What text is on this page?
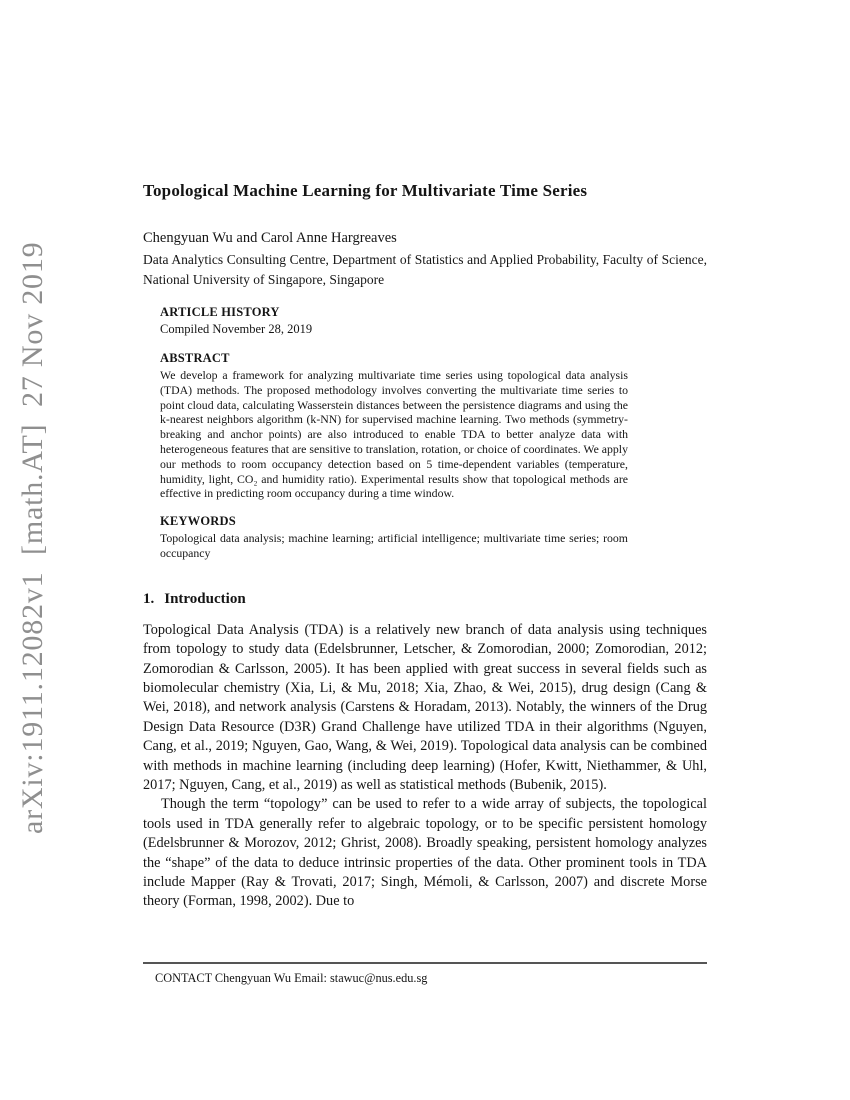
arXiv:1911.12082v1  [math.AT]  27 Nov 2019
Topological Machine Learning for Multivariate Time Series
Chengyuan Wu and Carol Anne Hargreaves
Data Analytics Consulting Centre, Department of Statistics and Applied Probability, Faculty of Science, National University of Singapore, Singapore
ARTICLE HISTORY
Compiled November 28, 2019
ABSTRACT
We develop a framework for analyzing multivariate time series using topological data analysis (TDA) methods. The proposed methodology involves converting the multivariate time series to point cloud data, calculating Wasserstein distances between the persistence diagrams and using the k-nearest neighbors algorithm (k-NN) for supervised machine learning. Two methods (symmetry-breaking and anchor points) are also introduced to enable TDA to better analyze data with heterogeneous features that are sensitive to translation, rotation, or choice of coordinates. We apply our methods to room occupancy detection based on 5 time-dependent variables (temperature, humidity, light, CO₂ and humidity ratio). Experimental results show that topological methods are effective in predicting room occupancy during a time window.
KEYWORDS
Topological data analysis; machine learning; artificial intelligence; multivariate time series; room occupancy
1. Introduction

Topological Data Analysis (TDA) is a relatively new branch of data analysis using techniques from topology to study data (Edelsbrunner, Letscher, & Zomorodian, 2000; Zomorodian, 2012; Zomorodian & Carlsson, 2005). It has been applied with great success in several fields such as biomolecular chemistry (Xia, Li, & Mu, 2018; Xia, Zhao, & Wei, 2015), drug design (Cang & Wei, 2018), and network analysis (Carstens & Horadam, 2013). Notably, the winners of the Drug Design Data Resource (D3R) Grand Challenge have utilized TDA in their algorithms (Nguyen, Cang, et al., 2019; Nguyen, Gao, Wang, & Wei, 2019). Topological data analysis can be combined with methods in machine learning (including deep learning) (Hofer, Kwitt, Niethammer, & Uhl, 2017; Nguyen, Cang, et al., 2019) as well as statistical methods (Bubenik, 2015).

Though the term “topology” can be used to refer to a wide array of subjects, the topological tools used in TDA generally refer to algebraic topology, or to be specific persistent homology (Edelsbrunner & Morozov, 2012; Ghrist, 2008). Broadly speaking, persistent homology analyzes the “shape” of the data to deduce intrinsic properties of the data. Other prominent tools in TDA include Mapper (Ray & Trovati, 2017; Singh, Mémoli, & Carlsson, 2007) and discrete Morse theory (Forman, 1998, 2002). Due to

CONTACT Chengyuan Wu Email: stawuc@nus.edu.sg
